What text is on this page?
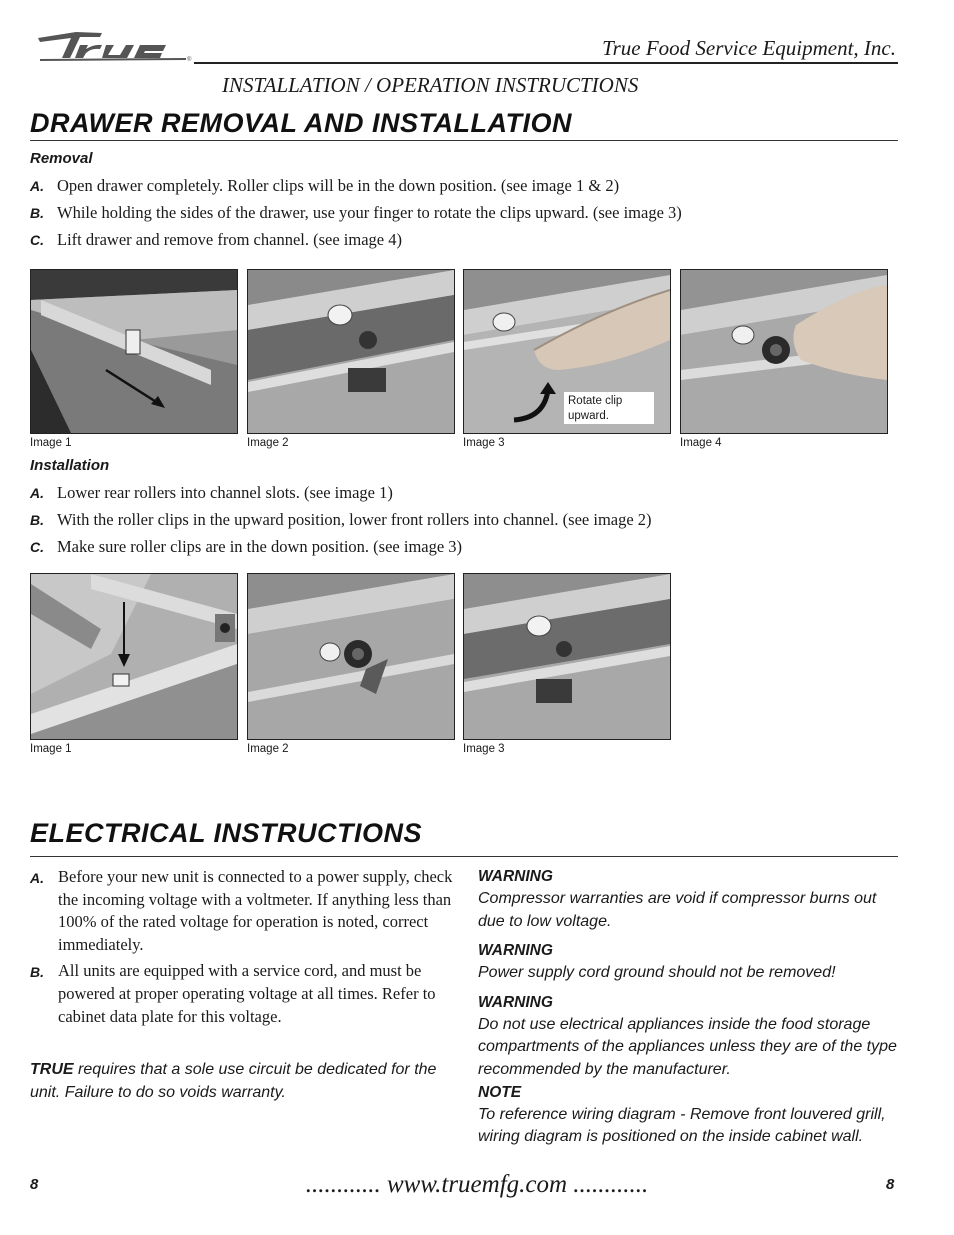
®	True Food Service Equipment, Inc.
INSTALLATION / OPERATION INSTRUCTIONS
DRAWER REMOVAL AND INSTALLATION
Removal
A. Open drawer completely. Roller clips will be in the down position. (see image 1 & 2)
B. While holding the sides of the drawer, use your finger to rotate the clips upward. (see image 3)
C. Lift drawer and remove from channel. (see image 4)
Rotate clip upward.
Image 1	Image 2	Image 3	Image 4
Installation
A. Lower rear rollers into channel slots. (see image 1)
B. With the roller clips in the upward position, lower front rollers into channel. (see image 2)
C. Make sure roller clips are in the down position. (see image 3)
Image 1	Image 2	Image 3
ELECTRICAL INSTRUCTIONS
A. Before your new unit is connected to a power supply, check the incoming voltage with a voltmeter. If anything less than 100% of the rated voltage for operation is noted, correct immediately.
B. All units are equipped with a service cord, and must be powered at proper operating voltage at all times. Refer to cabinet data plate for this voltage.
TRUE requires that a sole use circuit be dedicated for the unit. Failure to do so voids warranty.
WARNING
Compressor warranties are void if compressor burns out due to low voltage.
WARNING
Power supply cord ground should not be removed!
WARNING
Do not use electrical appliances inside the food storage compartments of the appliances unless they are of the type recommended by the manufacturer.
NOTE
To reference wiring diagram - Remove front louvered grill, wiring diagram is positioned on the inside cabinet wall.
8	............ www.truemfg.com ............	8
